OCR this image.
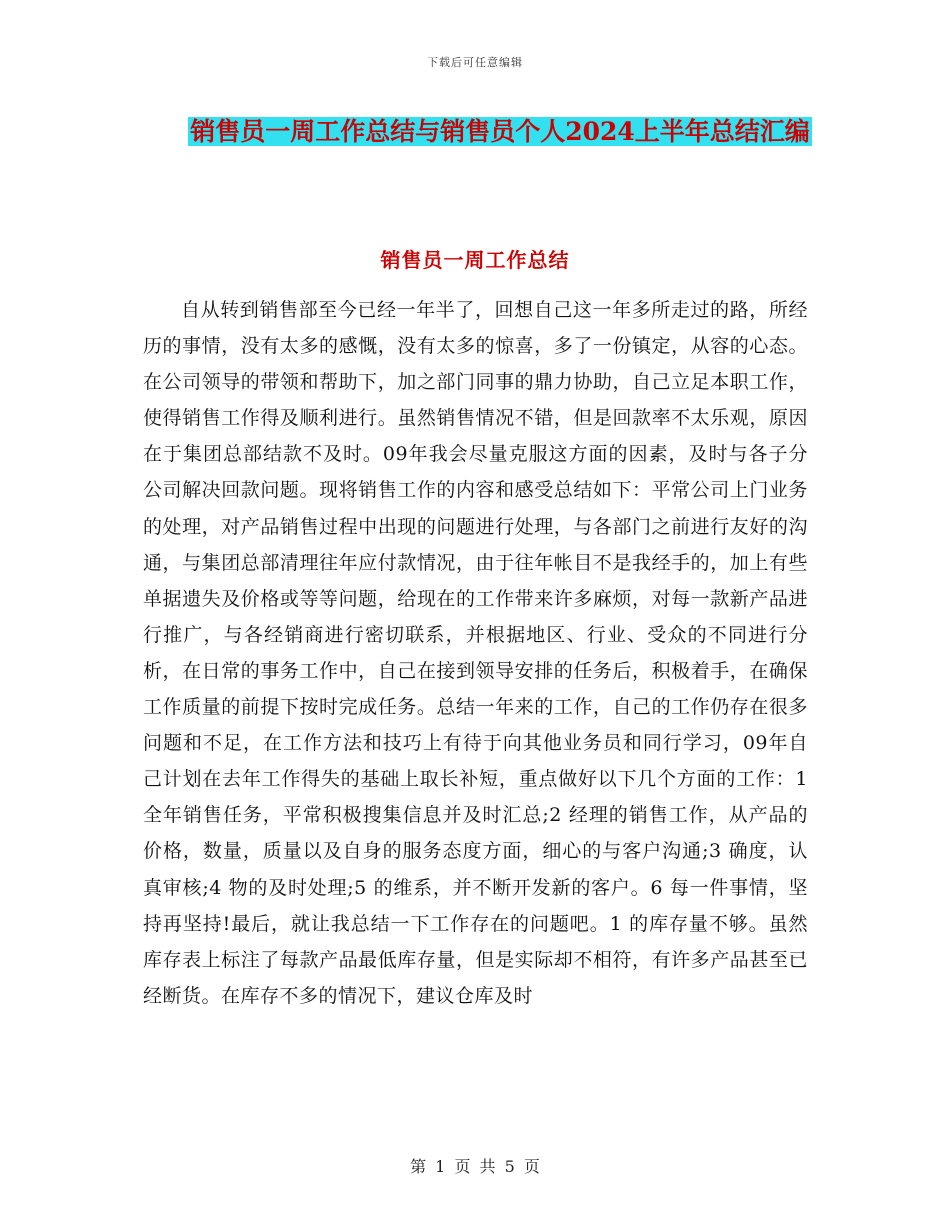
下载后可任意编辑
销售员一周工作总结与销售员个人2024上半年总结汇编
销售员一周工作总结

自从转到销售部至今已经一年半了，回想自己这一年多所走过的路，所经历的事情，没有太多的感慨，没有太多的惊喜，多了一份镇定，从容的心态。在公司领导的带领和帮助下，加之部门同事的鼎力协助，自己立足本职工作，使得销售工作得及顺利进行。虽然销售情况不错，但是回款率不太乐观，原因在于集团总部结款不及时。09年我会尽量克服这方面的因素，及时与各子分公司解决回款问题。现将销售工作的内容和感受总结如下：平常公司上门业务的处理，对产品销售过程中出现的问题进行处理，与各部门之前进行友好的沟通，与集团总部清理往年应付款情况，由于往年帐目不是我经手的，加上有些单据遗失及价格或等等问题，给现在的工作带来许多麻烦，对每一款新产品进行推广，与各经销商进行密切联系，并根据地区、行业、受众的不同进行分析，在日常的事务工作中，自己在接到领导安排的任务后，积极着手，在确保工作质量的前提下按时完成任务。总结一年来的工作，自己的工作仍存在很多问题和不足，在工作方法和技巧上有待于向其他业务员和同行学习，09年自己计划在去年工作得失的基础上取长补短，重点做好以下几个方面的工作：1 全年销售任务，平常积极搜集信息并及时汇总;2 经理的销售工作，从产品的价格，数量，质量以及自身的服务态度方面，细心的与客户沟通;3 确度，认真审核;4 物的及时处理;5 的维系，并不断开发新的客户。6 每一件事情，坚持再坚持!最后，就让我总结一下工作存在的问题吧。1 的库存量不够。虽然库存表上标注了每款产品最低库存量，但是实际却不相符，有许多产品甚至已经断货。在库存不多的情况下，建议仓库及时

第 1 页 共 5 页
